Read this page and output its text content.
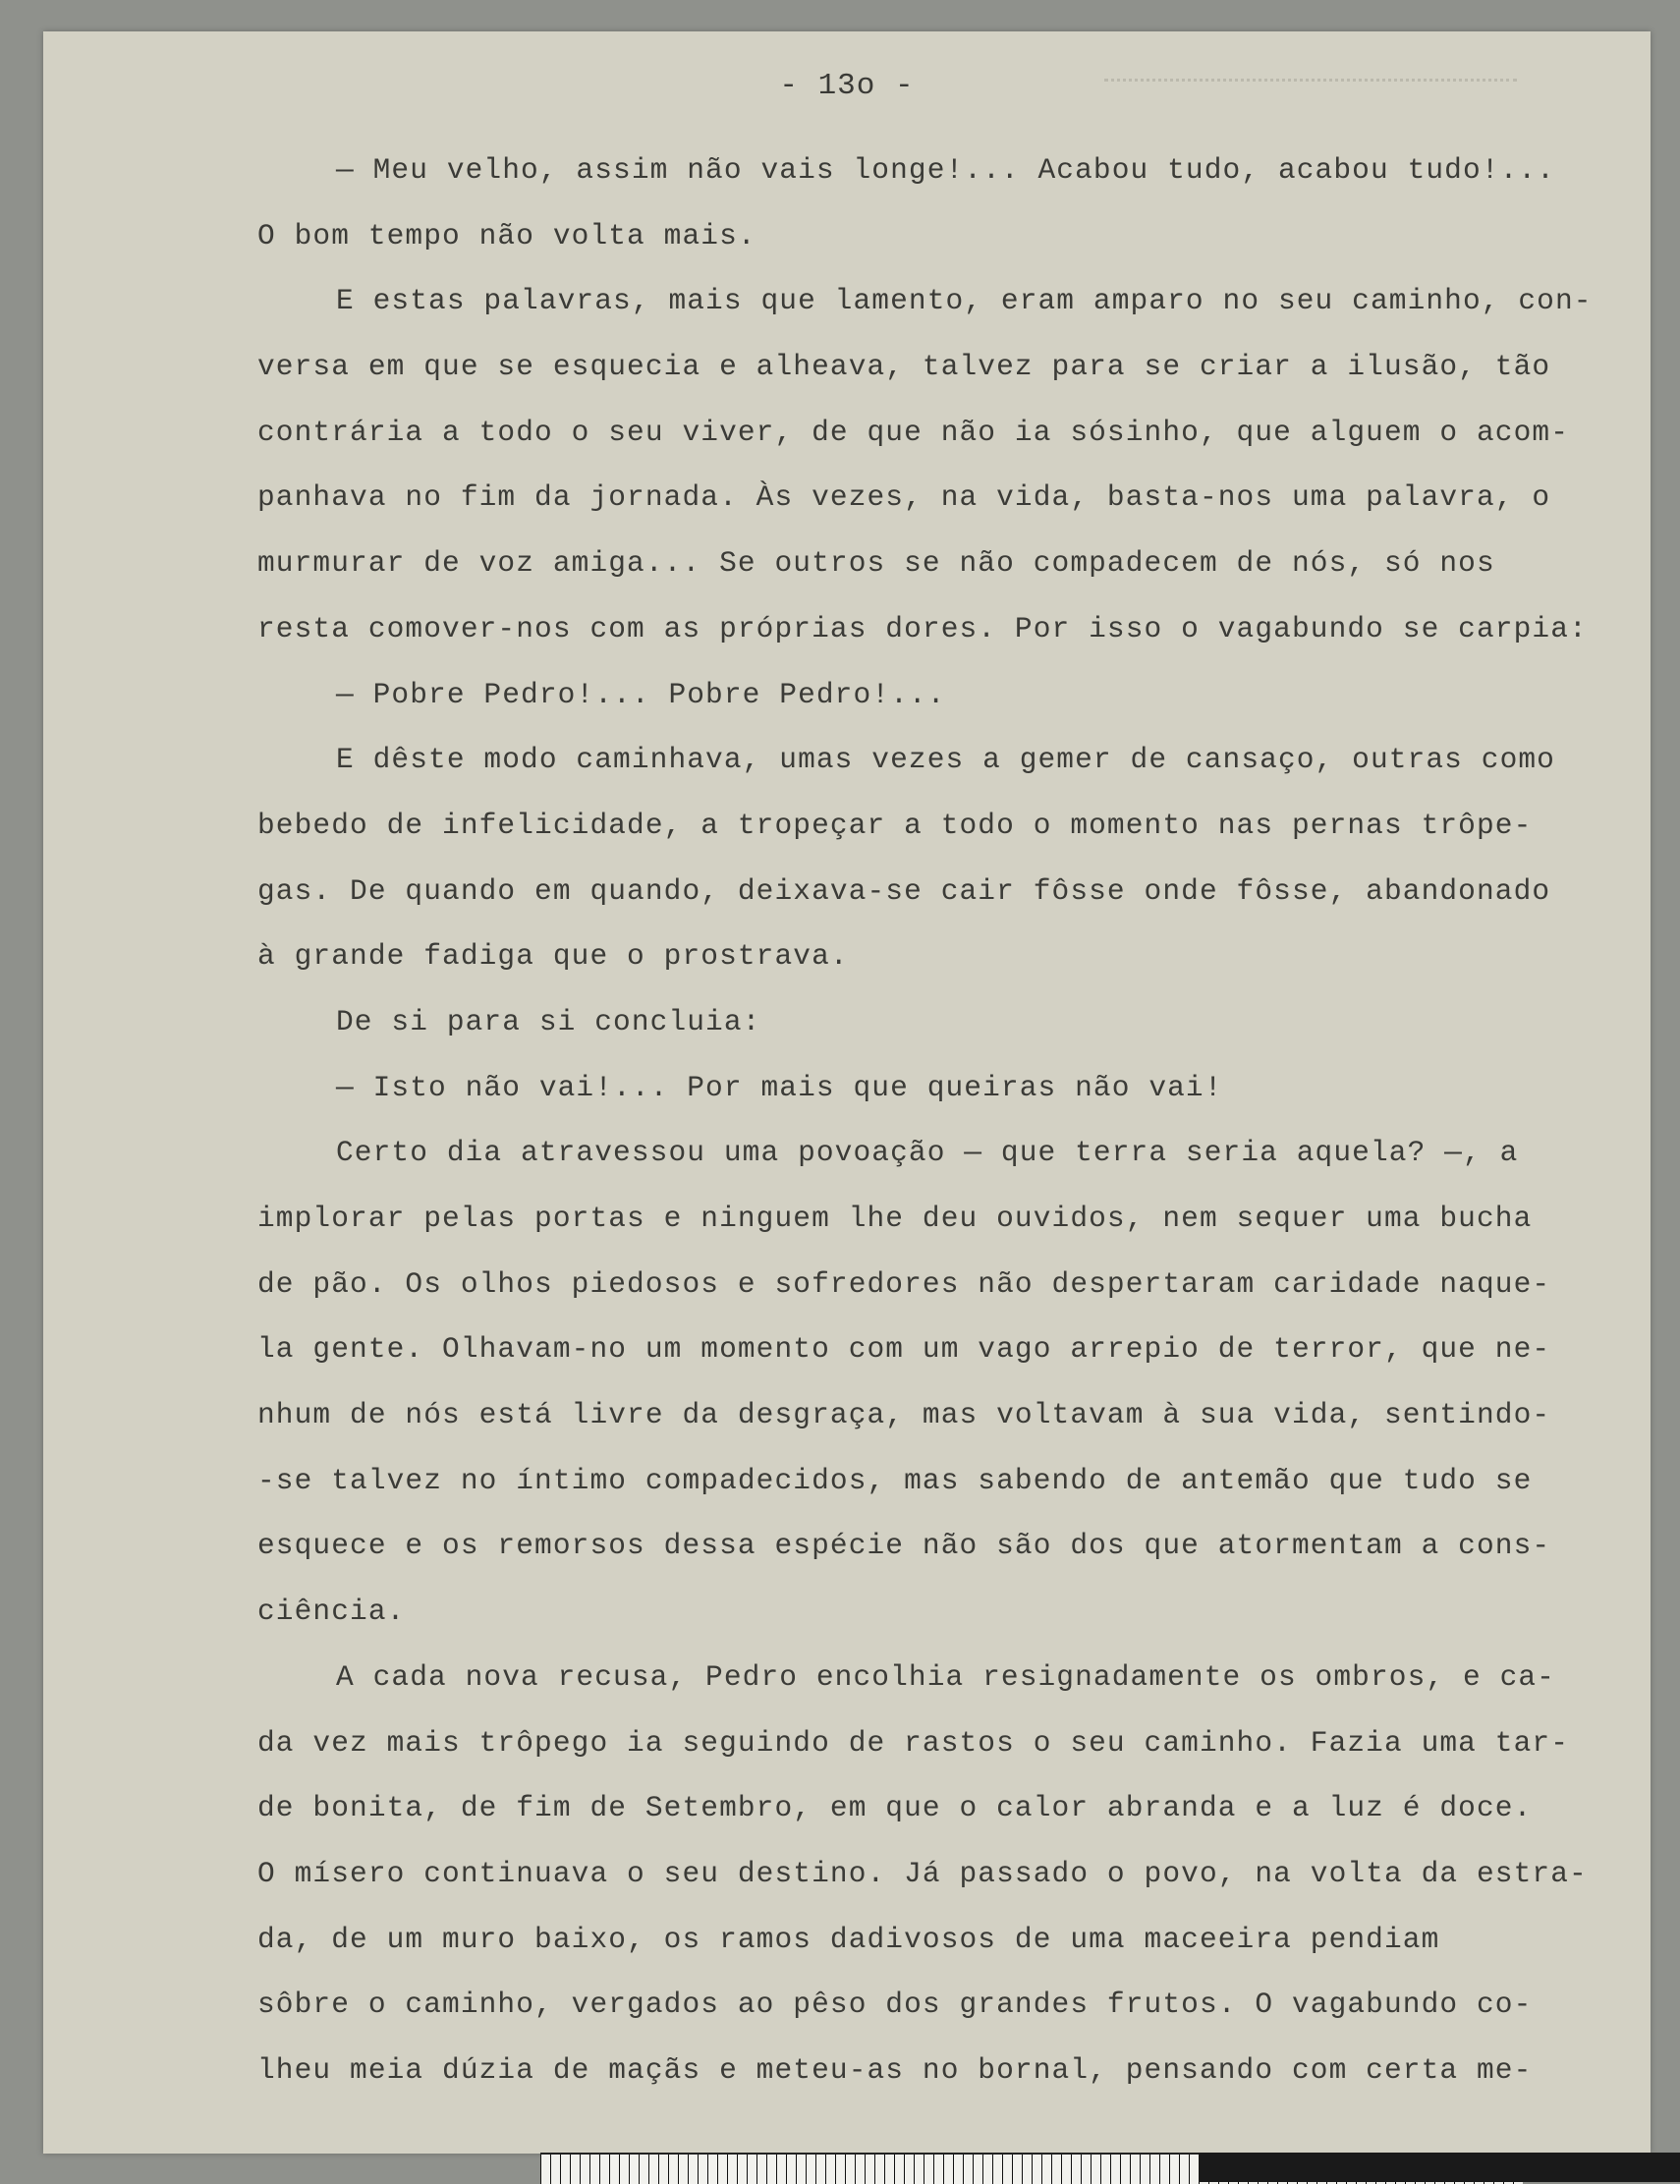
- 13o -
— Meu velho, assim não vais longe!... Acabou tudo, acabou tudo!...
O bom tempo não volta mais.
E estas palavras, mais que lamento, eram amparo no seu caminho, con-
versa em que se esquecia e alheava, talvez para se criar a ilusão, tão
contrária a todo o seu viver, de que não ia sósinho, que alguem o acom-
panhava no fim da jornada. Às vezes, na vida, basta-nos uma palavra, o
murmurar de voz amiga... Se outros se não compadecem de nós, só nos
resta comover-nos com as próprias dores. Por isso o vagabundo se carpia:
— Pobre Pedro!... Pobre Pedro!...
E dêste modo caminhava, umas vezes a gemer de cansaço, outras como
bebedo de infelicidade, a tropeçar a todo o momento nas pernas trôpe-
gas. De quando em quando, deixava-se cair fôsse onde fôsse, abandonado
à grande fadiga que o prostrava.
De si para si concluia:
— Isto não vai!... Por mais que queiras não vai!
Certo dia atravessou uma povoação — que terra seria aquela? —, a
implorar pelas portas e ninguem lhe deu ouvidos, nem sequer uma bucha
de pão. Os olhos piedosos e sofredores não despertaram caridade naque-
la gente. Olhavam-no um momento com um vago arrepio de terror, que ne-
nhum de nós está livre da desgraça, mas voltavam à sua vida, sentindo-
-se talvez no íntimo compadecidos, mas sabendo de antemão que tudo se
esquece e os remorsos dessa espécie não são dos que atormentam a cons-
ciência.
A cada nova recusa, Pedro encolhia resignadamente os ombros, e ca-
da vez mais trôpego ia seguindo de rastos o seu caminho. Fazia uma tar-
de bonita, de fim de Setembro, em que o calor abranda e a luz é doce.
O mísero continuava o seu destino. Já passado o povo, na volta da estra-
da, de um muro baixo, os ramos dadivosos de uma maceeira pendiam
sôbre o caminho, vergados ao pêso dos grandes frutos. O vagabundo co-
lheu meia dúzia de maçãs e meteu-as no bornal, pensando com certa me-
